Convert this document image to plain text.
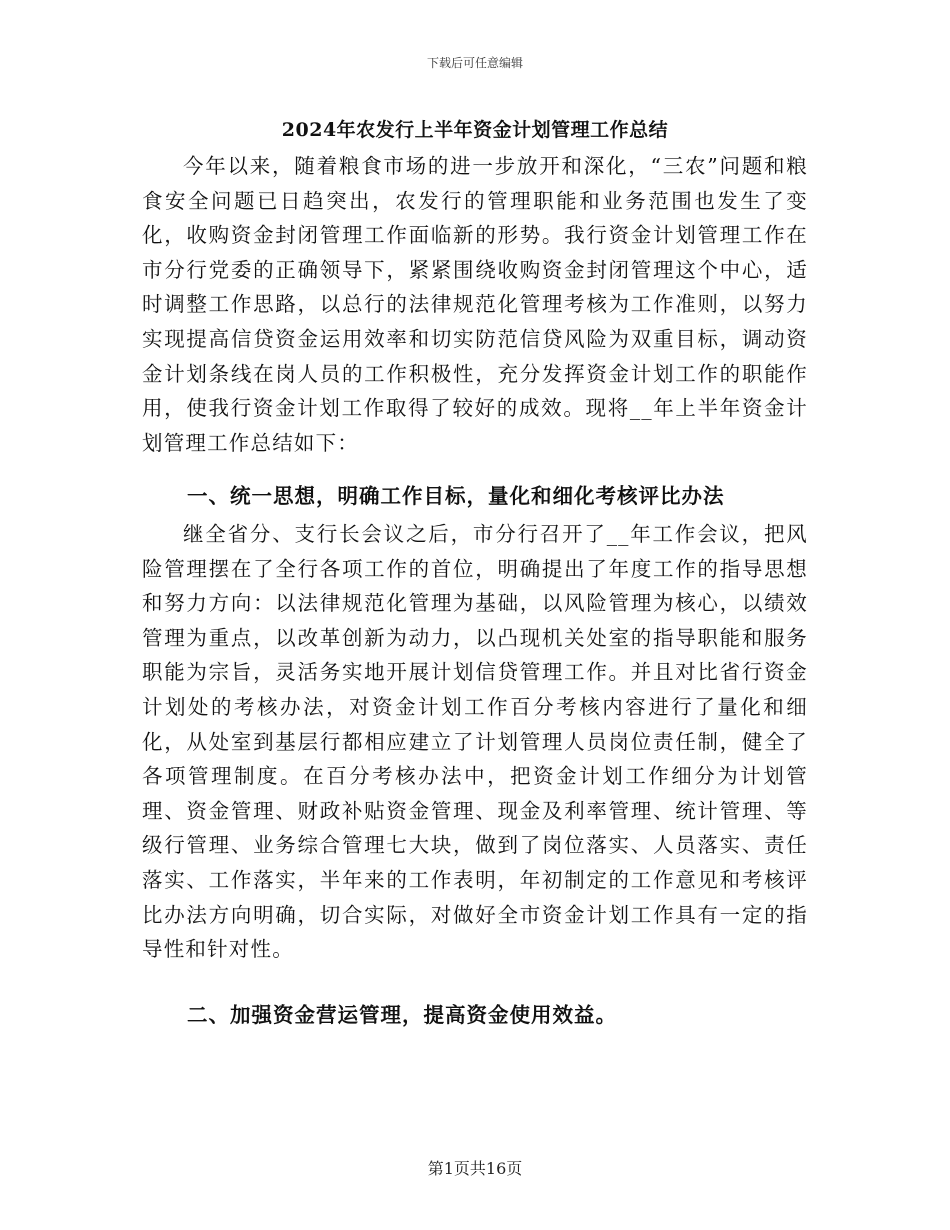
下载后可任意编辑
2024年农发行上半年资金计划管理工作总结
今年以来，随着粮食市场的进一步放开和深化，“三农”问题和粮食安全问题已日趋突出，农发行的管理职能和业务范围也发生了变化，收购资金封闭管理工作面临新的形势。我行资金计划管理工作在市分行党委的正确领导下，紧紧围绕收购资金封闭管理这个中心，适时调整工作思路，以总行的法律规范化管理考核为工作准则，以努力实现提高信贷资金运用效率和切实防范信贷风险为双重目标，调动资金计划条线在岗人员的工作积极性，充分发挥资金计划工作的职能作用，使我行资金计划工作取得了较好的成效。现将__年上半年资金计划管理工作总结如下：
一、统一思想，明确工作目标，量化和细化考核评比办法
继全省分、支行长会议之后，市分行召开了__年工作会议，把风险管理摆在了全行各项工作的首位，明确提出了年度工作的指导思想和努力方向：以法律规范化管理为基础，以风险管理为核心，以绩效管理为重点，以改革创新为动力，以凸现机关处室的指导职能和服务职能为宗旨，灵活务实地开展计划信贷管理工作。并且对比省行资金计划处的考核办法，对资金计划工作百分考核内容进行了量化和细化，从处室到基层行都相应建立了计划管理人员岗位责任制，健全了各项管理制度。在百分考核办法中，把资金计划工作细分为计划管理、资金管理、财政补贴资金管理、现金及利率管理、统计管理、等级行管理、业务综合管理七大块，做到了岗位落实、人员落实、责任落实、工作落实，半年来的工作表明，年初制定的工作意见和考核评比办法方向明确，切合实际，对做好全市资金计划工作具有一定的指导性和针对性。
二、加强资金营运管理，提高资金使用效益。
第1页共16页
